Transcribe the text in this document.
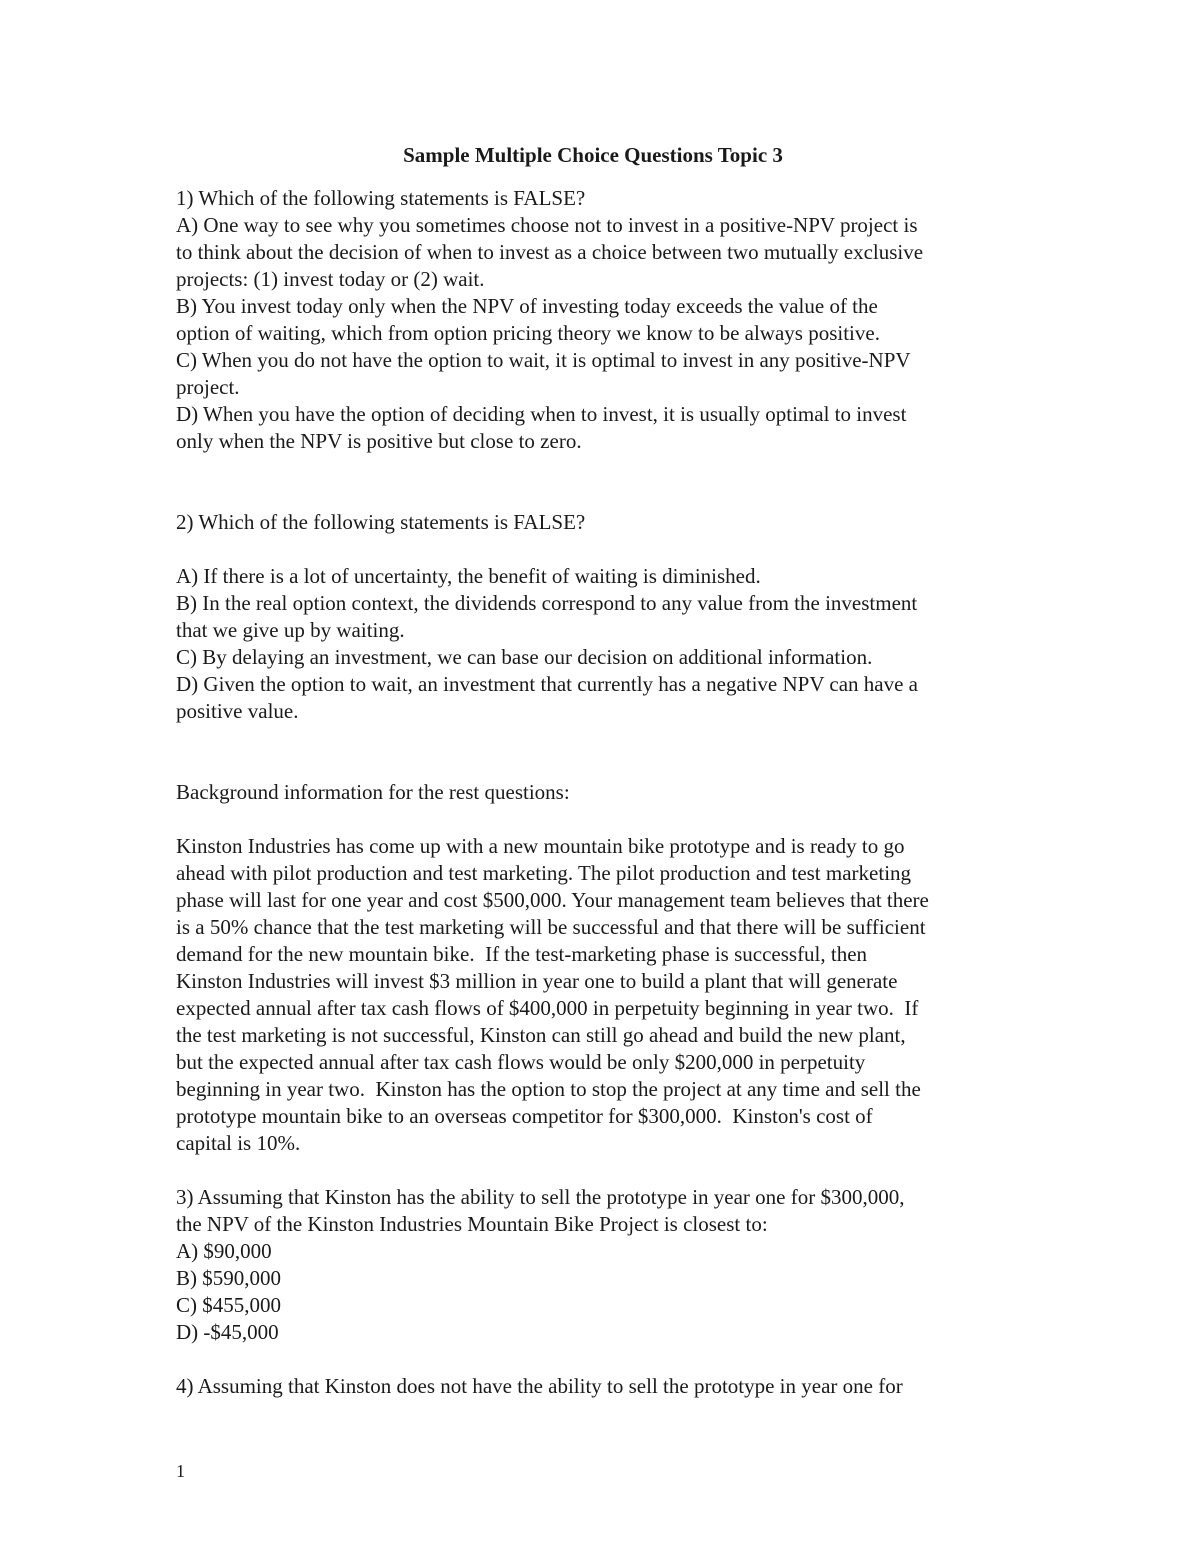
Sample Multiple Choice Questions Topic 3
1) Which of the following statements is FALSE?
A) One way to see why you sometimes choose not to invest in a positive-NPV project is
to think about the decision of when to invest as a choice between two mutually exclusive
projects: (1) invest today or (2) wait.
B) You invest today only when the NPV of investing today exceeds the value of the
option of waiting, which from option pricing theory we know to be always positive.
C) When you do not have the option to wait, it is optimal to invest in any positive-NPV
project.
D) When you have the option of deciding when to invest, it is usually optimal to invest
only when the NPV is positive but close to zero.
2) Which of the following statements is FALSE?
A) If there is a lot of uncertainty, the benefit of waiting is diminished.
B) In the real option context, the dividends correspond to any value from the investment
that we give up by waiting.
C) By delaying an investment, we can base our decision on additional information.
D) Given the option to wait, an investment that currently has a negative NPV can have a
positive value.
Background information for the rest questions:
Kinston Industries has come up with a new mountain bike prototype and is ready to go
ahead with pilot production and test marketing. The pilot production and test marketing
phase will last for one year and cost $500,000. Your management team believes that there
is a 50% chance that the test marketing will be successful and that there will be sufficient
demand for the new mountain bike.  If the test-marketing phase is successful, then
Kinston Industries will invest $3 million in year one to build a plant that will generate
expected annual after tax cash flows of $400,000 in perpetuity beginning in year two.  If
the test marketing is not successful, Kinston can still go ahead and build the new plant,
but the expected annual after tax cash flows would be only $200,000 in perpetuity
beginning in year two.  Kinston has the option to stop the project at any time and sell the
prototype mountain bike to an overseas competitor for $300,000.  Kinston's cost of
capital is 10%.
3) Assuming that Kinston has the ability to sell the prototype in year one for $300,000,
the NPV of the Kinston Industries Mountain Bike Project is closest to:
A) $90,000
B) $590,000
C) $455,000
D) -$45,000
4) Assuming that Kinston does not have the ability to sell the prototype in year one for
1
